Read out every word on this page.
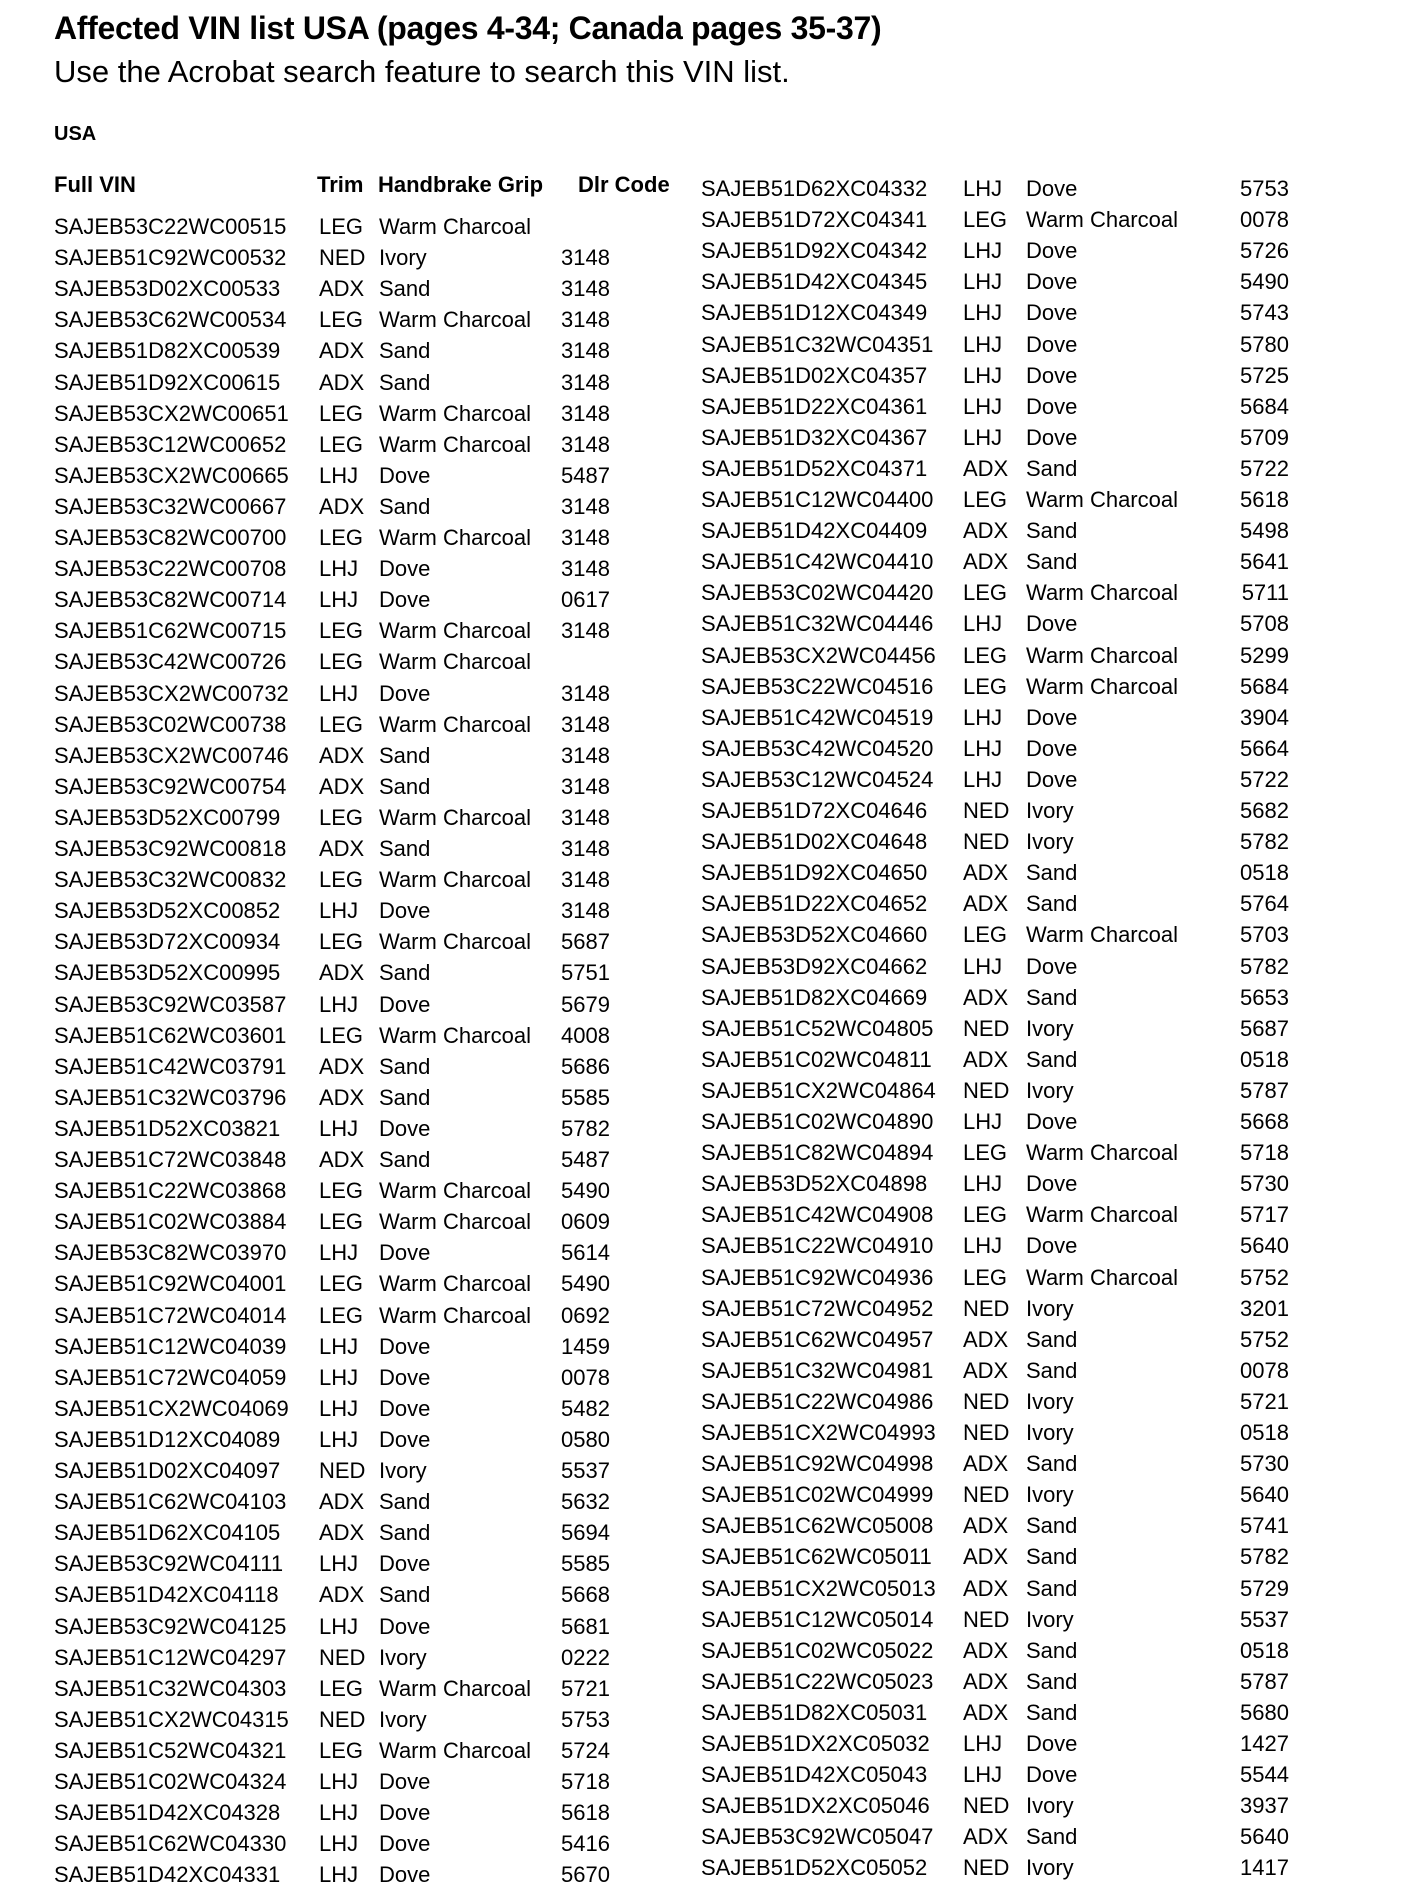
Affected VIN list USA (pages 4-34; Canada pages 35-37)
Use the Acrobat search feature to search this VIN list.
USA
Full VIN	Trim Handbrake Grip Dlr Code
SAJEB53C22WC00515 LEG Warm Charcoal
SAJEB51C92WC00532 NED Ivory	3148
SAJEB53D02XC00533 ADX Sand	3148
SAJEB53C62WC00534 LEG Warm Charcoal	3148
SAJEB51D82XC00539 ADX Sand	3148
SAJEB51D92XC00615 ADX Sand	3148
SAJEB53CX2WC00651 LEG Warm Charcoal	3148
SAJEB53C12WC00652 LEG Warm Charcoal	3148
SAJEB53CX2WC00665 LHJ Dove	5487
SAJEB53C32WC00667 ADX Sand	3148
SAJEB53C82WC00700 LEG Warm Charcoal	3148
SAJEB53C22WC00708 LHJ Dove	3148
SAJEB53C82WC00714 LHJ Dove	0617
SAJEB51C62WC00715 LEG Warm Charcoal	3148
SAJEB53C42WC00726 LEG Warm Charcoal
SAJEB53CX2WC00732 LHJ Dove	3148
SAJEB53C02WC00738 LEG Warm Charcoal	3148
SAJEB53CX2WC00746 ADX Sand	3148
SAJEB53C92WC00754 ADX Sand	3148
SAJEB53D52XC00799 LEG Warm Charcoal	3148
SAJEB53C92WC00818 ADX Sand	3148
SAJEB53C32WC00832 LEG Warm Charcoal	3148
SAJEB53D52XC00852 LHJ Dove	3148
SAJEB53D72XC00934 LEG Warm Charcoal	5687
SAJEB53D52XC00995 ADX Sand	5751
SAJEB53C92WC03587 LHJ Dove	5679
SAJEB51C62WC03601 LEG Warm Charcoal	4008
SAJEB51C42WC03791 ADX Sand	5686
SAJEB51C32WC03796 ADX Sand	5585
SAJEB51D52XC03821 LHJ Dove	5782
SAJEB51C72WC03848 ADX Sand	5487
SAJEB51C22WC03868 LEG Warm Charcoal	5490
SAJEB51C02WC03884 LEG Warm Charcoal	0609
SAJEB53C82WC03970 LHJ Dove	5614
SAJEB51C92WC04001 LEG Warm Charcoal	5490
SAJEB51C72WC04014 LEG Warm Charcoal	0692
SAJEB51C12WC04039 LHJ Dove	1459
SAJEB51C72WC04059 LHJ Dove	0078
SAJEB51CX2WC04069 LHJ Dove	5482
SAJEB51D12XC04089 LHJ Dove	0580
SAJEB51D02XC04097 NED Ivory	5537
SAJEB51C62WC04103 ADX Sand	5632
SAJEB51D62XC04105 ADX Sand	5694
SAJEB53C92WC04111 LHJ Dove	5585
SAJEB51D42XC04118 ADX Sand	5668
SAJEB53C92WC04125 LHJ Dove	5681
SAJEB51C12WC04297 NED Ivory	0222
SAJEB51C32WC04303 LEG Warm Charcoal	5721
SAJEB51CX2WC04315 NED Ivory	5753
SAJEB51C52WC04321 LEG Warm Charcoal	5724
SAJEB51C02WC04324 LHJ Dove	5718
SAJEB51D42XC04328 LHJ Dove	5618
SAJEB51C62WC04330 LHJ Dove	5416
SAJEB51D42XC04331 LHJ Dove	5670
SAJEB51D62XC04332 LHJ Dove	5753
SAJEB51D72XC04341 LEG Warm Charcoal	0078
SAJEB51D92XC04342 LHJ Dove	5726
SAJEB51D42XC04345 LHJ Dove	5490
SAJEB51D12XC04349 LHJ Dove	5743
SAJEB51C32WC04351 LHJ Dove	5780
SAJEB51D02XC04357 LHJ Dove	5725
SAJEB51D22XC04361 LHJ Dove	5684
SAJEB51D32XC04367 LHJ Dove	5709
SAJEB51D52XC04371 ADX Sand	5722
SAJEB51C12WC04400 LEG Warm Charcoal	5618
SAJEB51D42XC04409 ADX Sand	5498
SAJEB51C42WC04410 ADX Sand	5641
SAJEB53C02WC04420 LEG Warm Charcoal	5711
SAJEB51C32WC04446 LHJ Dove	5708
SAJEB53CX2WC04456 LEG Warm Charcoal	5299
SAJEB53C22WC04516 LEG Warm Charcoal	5684
SAJEB51C42WC04519 LHJ Dove	3904
SAJEB53C42WC04520 LHJ Dove	5664
SAJEB53C12WC04524 LHJ Dove	5722
SAJEB51D72XC04646 NED Ivory	5682
SAJEB51D02XC04648 NED Ivory	5782
SAJEB51D92XC04650 ADX Sand	0518
SAJEB51D22XC04652 ADX Sand	5764
SAJEB53D52XC04660 LEG Warm Charcoal	5703
SAJEB53D92XC04662 LHJ Dove	5782
SAJEB51D82XC04669 ADX Sand	5653
SAJEB51C52WC04805 NED Ivory	5687
SAJEB51C02WC04811 ADX Sand	0518
SAJEB51CX2WC04864 NED Ivory	5787
SAJEB51C02WC04890 LHJ Dove	5668
SAJEB51C82WC04894 LEG Warm Charcoal	5718
SAJEB53D52XC04898 LHJ Dove	5730
SAJEB51C42WC04908 LEG Warm Charcoal	5717
SAJEB51C22WC04910 LHJ Dove	5640
SAJEB51C92WC04936 LEG Warm Charcoal	5752
SAJEB51C72WC04952 NED Ivory	3201
SAJEB51C62WC04957 ADX Sand	5752
SAJEB51C32WC04981 ADX Sand	0078
SAJEB51C22WC04986 NED Ivory	5721
SAJEB51CX2WC04993 NED Ivory	0518
SAJEB51C92WC04998 ADX Sand	5730
SAJEB51C02WC04999 NED Ivory	5640
SAJEB51C62WC05008 ADX Sand	5741
SAJEB51C62WC05011 ADX Sand	5782
SAJEB51CX2WC05013 ADX Sand	5729
SAJEB51C12WC05014 NED Ivory	5537
SAJEB51C02WC05022 ADX Sand	0518
SAJEB51C22WC05023 ADX Sand	5787
SAJEB51D82XC05031 ADX Sand	5680
SAJEB51DX2XC05032 LHJ Dove	1427
SAJEB51D42XC05043 LHJ Dove	5544
SAJEB51DX2XC05046 NED Ivory	3937
SAJEB53C92WC05047 ADX Sand	5640
SAJEB51D52XC05052 NED Ivory	1417
